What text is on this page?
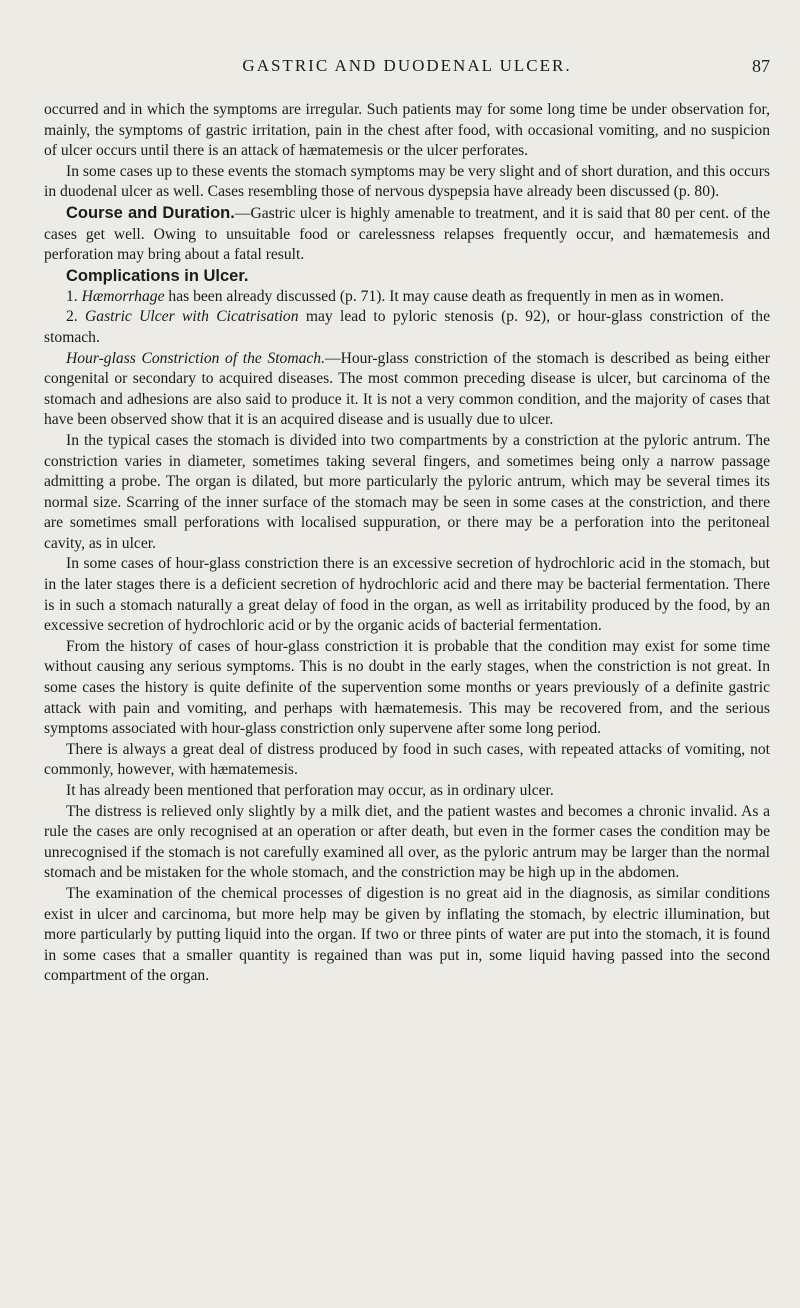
GASTRIC AND DUODENAL ULCER.	87

occurred and in which the symptoms are irregular. Such patients may for some long time be under observation for, mainly, the symptoms of gastric irritation, pain in the chest after food, with occasional vomiting, and no suspicion of ulcer occurs until there is an attack of hæmatemesis or the ulcer perforates.

In some cases up to these events the stomach symptoms may be very slight and of short duration, and this occurs in duodenal ulcer as well. Cases resembling those of nervous dyspepsia have already been discussed (p. 80).

Course and Duration.—Gastric ulcer is highly amenable to treatment, and it is said that 80 per cent. of the cases get well. Owing to unsuitable food or carelessness relapses frequently occur, and hæmatemesis and perforation may bring about a fatal result.

Complications in Ulcer.

1. Hæmorrhage has been already discussed (p. 71). It may cause death as frequently in men as in women.

2. Gastric Ulcer with Cicatrisation may lead to pyloric stenosis (p. 92), or hour-glass constriction of the stomach.

Hour-glass Constriction of the Stomach.—Hour-glass constriction of the stomach is described as being either congenital or secondary to acquired diseases. The most common preceding disease is ulcer, but carcinoma of the stomach and adhesions are also said to produce it. It is not a very common condition, and the majority of cases that have been observed show that it is an acquired disease and is usually due to ulcer.

In the typical cases the stomach is divided into two compartments by a constriction at the pyloric antrum. The constriction varies in diameter, sometimes taking several fingers, and sometimes being only a narrow passage admitting a probe. The organ is dilated, but more particularly the pyloric antrum, which may be several times its normal size. Scarring of the inner surface of the stomach may be seen in some cases at the constriction, and there are sometimes small perforations with localised suppuration, or there may be a perforation into the peritoneal cavity, as in ulcer.

In some cases of hour-glass constriction there is an excessive secretion of hydrochloric acid in the stomach, but in the later stages there is a deficient secretion of hydrochloric acid and there may be bacterial fermentation. There is in such a stomach naturally a great delay of food in the organ, as well as irritability produced by the food, by an excessive secretion of hydrochloric acid or by the organic acids of bacterial fermentation.

From the history of cases of hour-glass constriction it is probable that the condition may exist for some time without causing any serious symptoms. This is no doubt in the early stages, when the constriction is not great. In some cases the history is quite definite of the supervention some months or years previously of a definite gastric attack with pain and vomiting, and perhaps with hæmatemesis. This may be recovered from, and the serious symptoms associated with hour-glass constriction only supervene after some long period.

There is always a great deal of distress produced by food in such cases, with repeated attacks of vomiting, not commonly, however, with hæmatemesis.

It has already been mentioned that perforation may occur, as in ordinary ulcer.

The distress is relieved only slightly by a milk diet, and the patient wastes and becomes a chronic invalid. As a rule the cases are only recognised at an operation or after death, but even in the former cases the condition may be unrecognised if the stomach is not carefully examined all over, as the pyloric antrum may be larger than the normal stomach and be mistaken for the whole stomach, and the constriction may be high up in the abdomen.

The examination of the chemical processes of digestion is no great aid in the diagnosis, as similar conditions exist in ulcer and carcinoma, but more help may be given by inflating the stomach, by electric illumination, but more particularly by putting liquid into the organ. If two or three pints of water are put into the stomach, it is found in some cases that a smaller quantity is regained than was put in, some liquid having passed into the second compartment of the organ.
